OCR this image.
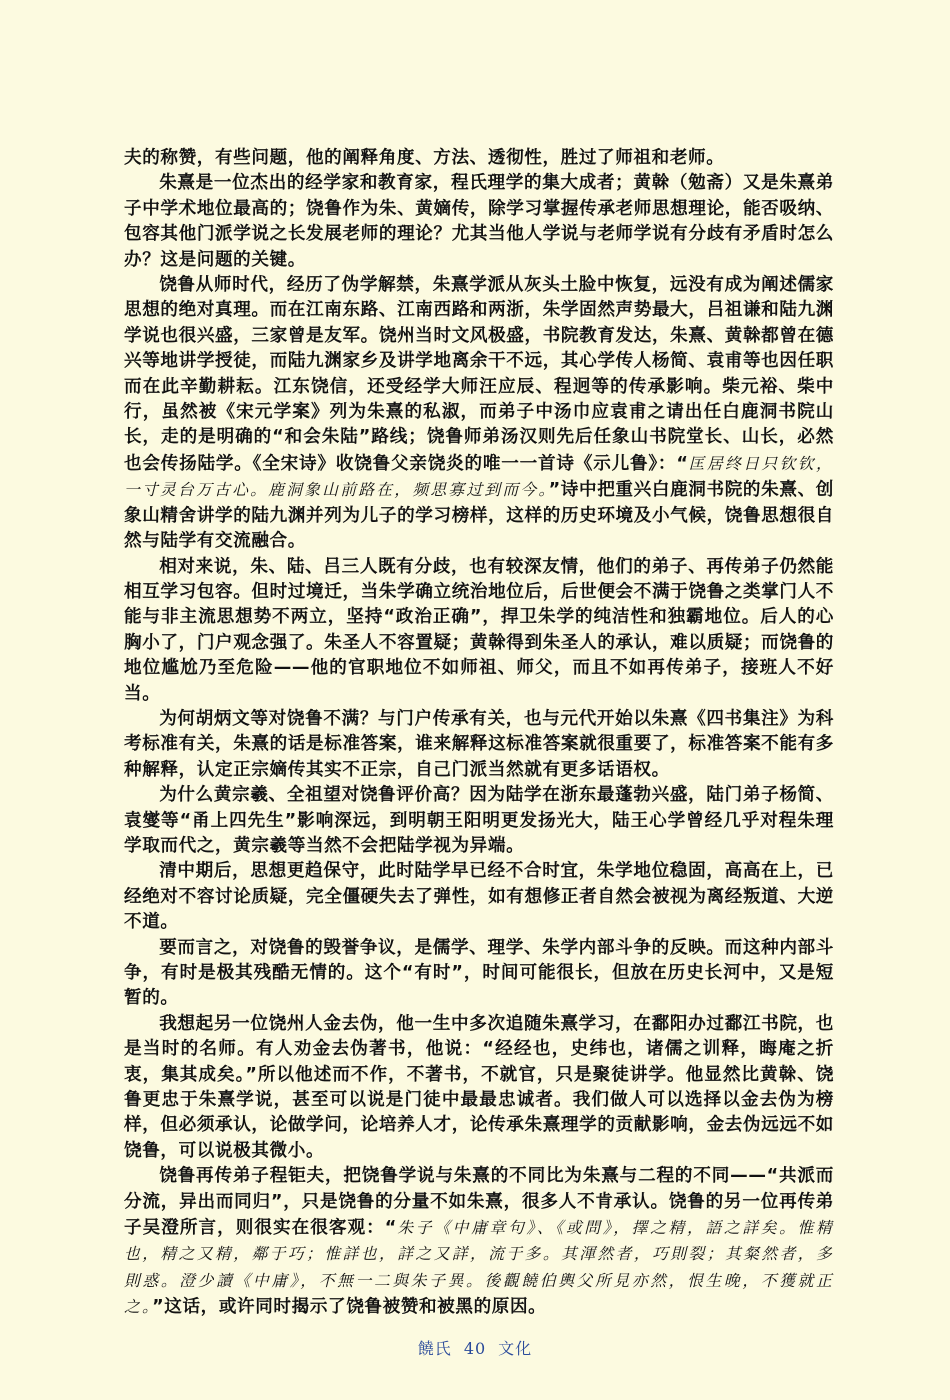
夫的称赞，有些问题，他的阐释角度、方法、透彻性，胜过了师祖和老师。

朱熹是一位杰出的经学家和教育家，程氏理学的集大成者；黄榦（勉斋）又是朱熹弟子中学术地位最高的；饶鲁作为朱、黄嫡传，除学习掌握传承老师思想理论，能否吸纳、包容其他门派学说之长发展老师的理论？尤其当他人学说与老师学说有分歧有矛盾时怎么办？这是问题的关键。

饶鲁从师时代，经历了伪学解禁，朱熹学派从灰头土脸中恢复，远没有成为阐述儒家思想的绝对真理。而在江南东路、江南西路和两浙，朱学固然声势最大，吕祖谦和陆九渊学说也很兴盛，三家曾是友军。饶州当时文风极盛，书院教育发达，朱熹、黄榦都曾在德兴等地讲学授徒，而陆九渊家乡及讲学地离余干不远，其心学传人杨简、袁甫等也因任职而在此辛勤耕耘。江东饶信，还受经学大师汪应辰、程迥等的传承影响。柴元裕、柴中行，虽然被《宋元学案》列为朱熹的私淑，而弟子中汤巾应袁甫之请出任白鹿洞书院山长，走的是明确的“和会朱陆”路线；饶鲁师弟汤汉则先后任象山书院堂长、山长，必然也会传扬陆学。《全宋诗》收饶鲁父亲饶炎的唯一一首诗《示儿鲁》：“匡居终日只钦钦，一寸灵台万古心。鹿洞象山前路在，频思寡过到而今。”诗中把重兴白鹿洞书院的朱熹、创象山精舍讲学的陆九渊并列为儿子的学习榜样，这样的历史环境及小气候，饶鲁思想很自然与陆学有交流融合。

相对来说，朱、陆、吕三人既有分歧，也有较深友情，他们的弟子、再传弟子仍然能相互学习包容。但时过境迁，当朱学确立统治地位后，后世便会不满于饶鲁之类掌门人不能与非主流思想势不两立，坚持“政治正确”，捍卫朱学的纯洁性和独霸地位。后人的心胸小了，门户观念强了。朱圣人不容置疑；黄榦得到朱圣人的承认，难以质疑；而饶鲁的地位尴尬乃至危险——他的官职地位不如师祖、师父，而且不如再传弟子，接班人不好当。

为何胡炳文等对饶鲁不满？与门户传承有关，也与元代开始以朱熹《四书集注》为科考标准有关，朱熹的话是标准答案，谁来解释这标准答案就很重要了，标准答案不能有多种解释，认定正宗嫡传其实不正宗，自己门派当然就有更多话语权。

为什么黄宗羲、全祖望对饶鲁评价高？因为陆学在浙东最蓬勃兴盛，陆门弟子杨简、袁燮等“甬上四先生”影响深远，到明朝王阳明更发扬光大，陆王心学曾经几乎对程朱理学取而代之，黄宗羲等当然不会把陆学视为异端。

清中期后，思想更趋保守，此时陆学早已经不合时宜，朱学地位稳固，高高在上，已经绝对不容讨论质疑，完全僵硬失去了弹性，如有想修正者自然会被视为离经叛道、大逆不道。

要而言之，对饶鲁的毁誉争议，是儒学、理学、朱学内部斗争的反映。而这种内部斗争，有时是极其残酷无情的。这个“有时”，时间可能很长，但放在历史长河中，又是短暂的。

我想起另一位饶州人金去伪，他一生中多次追随朱熹学习，在鄱阳办过鄱江书院，也是当时的名师。有人劝金去伪著书，他说：“经经也，史纬也，诸儒之训释，晦庵之折衷，集其成矣。”所以他述而不作，不著书，不就官，只是聚徒讲学。他显然比黄榦、饶鲁更忠于朱熹学说，甚至可以说是门徒中最最忠诚者。我们做人可以选择以金去伪为榜样，但必须承认，论做学问，论培养人才，论传承朱熹理学的贡献影响，金去伪远远不如饶鲁，可以说极其微小。

饶鲁再传弟子程钜夫，把饶鲁学说与朱熹的不同比为朱熹与二程的不同——“共派而分流，异出而同归”，只是饶鲁的分量不如朱熹，很多人不肯承认。饶鲁的另一位再传弟子吴澄所言，则很实在很客观：“朱子《中庸章句》、《或問》，擇之精，語之詳矣。惟精也，精之又精，鄰于巧；惟詳也，詳之又詳，流于多。其渾然者，巧則裂；其粲然者，多則惑。澄少讀《中庸》，不無一二與朱子異。後觀饒伯輿父所見亦然，恨生晚，不獲就正之。”这话，或许同时揭示了饶鲁被赞和被黑的原因。

饒氏 40 文化
